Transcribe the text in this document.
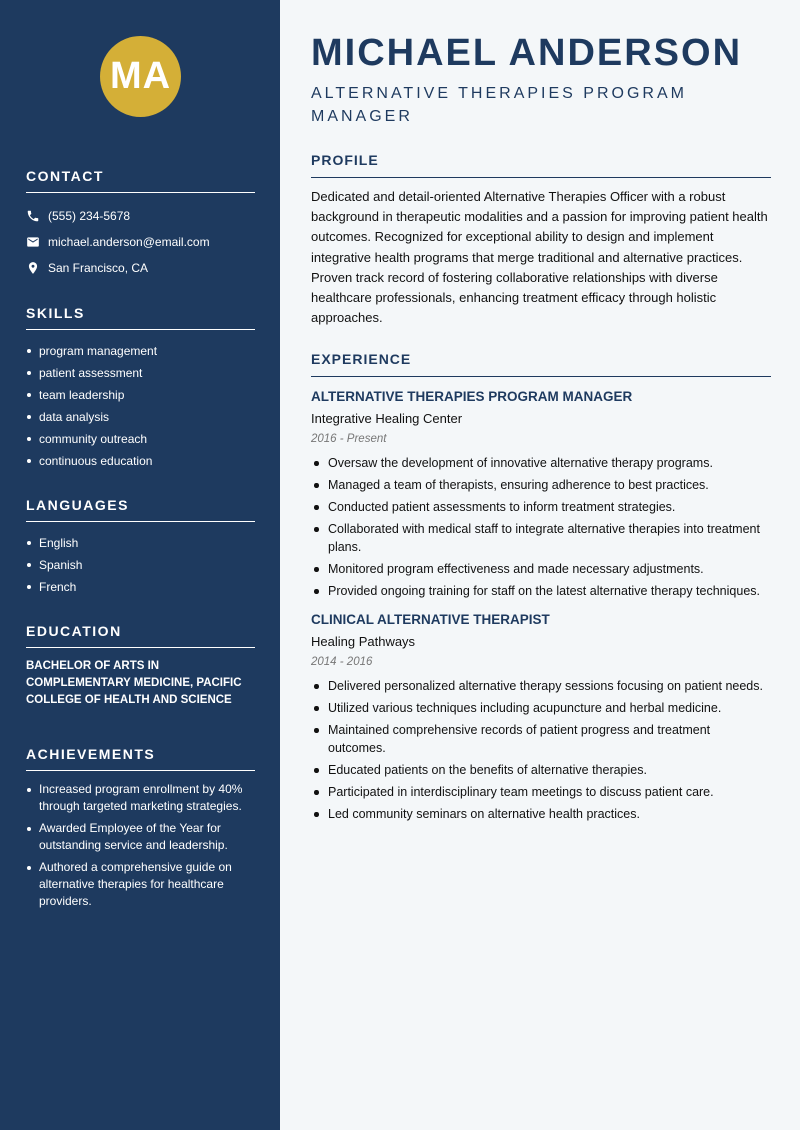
MA
CONTACT
(555) 234-5678
michael.anderson@email.com
San Francisco, CA
SKILLS
program management
patient assessment
team leadership
data analysis
community outreach
continuous education
LANGUAGES
English
Spanish
French
EDUCATION

BACHELOR OF ARTS IN COMPLEMENTARY MEDICINE, PACIFIC COLLEGE OF HEALTH AND SCIENCE

ACHIEVEMENTS
Increased program enrollment by 40% through targeted marketing strategies.
Awarded Employee of the Year for outstanding service and leadership.
Authored a comprehensive guide on alternative therapies for healthcare providers.
MICHAEL ANDERSON
ALTERNATIVE THERAPIES PROGRAM MANAGER
PROFILE

Dedicated and detail-oriented Alternative Therapies Officer with a robust background in therapeutic modalities and a passion for improving patient health outcomes. Recognized for exceptional ability to design and implement integrative health programs that merge traditional and alternative practices. Proven track record of fostering collaborative relationships with diverse healthcare professionals, enhancing treatment efficacy through holistic approaches.

EXPERIENCE
ALTERNATIVE THERAPIES PROGRAM MANAGER
Integrative Healing Center
2016 - Present
Oversaw the development of innovative alternative therapy programs.
Managed a team of therapists, ensuring adherence to best practices.
Conducted patient assessments to inform treatment strategies.
Collaborated with medical staff to integrate alternative therapies into treatment plans.
Monitored program effectiveness and made necessary adjustments.
Provided ongoing training for staff on the latest alternative therapy techniques.
CLINICAL ALTERNATIVE THERAPIST
Healing Pathways
2014 - 2016
Delivered personalized alternative therapy sessions focusing on patient needs.
Utilized various techniques including acupuncture and herbal medicine.
Maintained comprehensive records of patient progress and treatment outcomes.
Educated patients on the benefits of alternative therapies.
Participated in interdisciplinary team meetings to discuss patient care.
Led community seminars on alternative health practices.
